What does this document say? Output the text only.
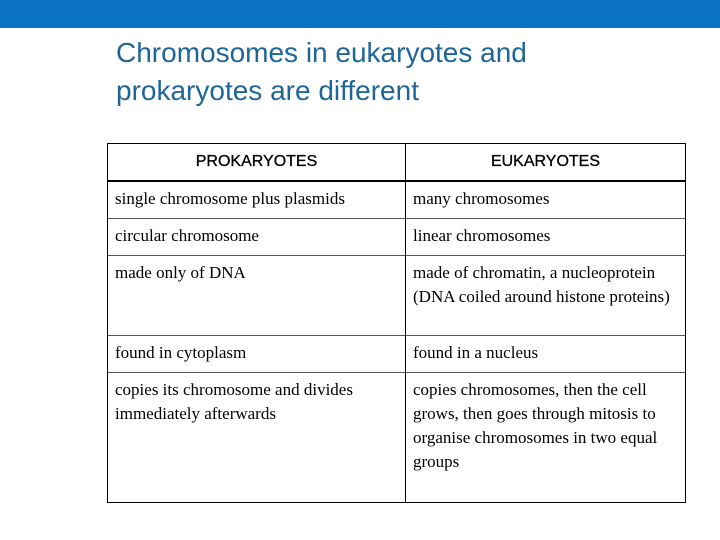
Chromosomes in eukaryotes and prokaryotes are different
PROKARYOTES	EUKARYOTES
single chromosome plus plasmids	many chromosomes
circular chromosome	linear chromosomes
made only of DNA	made of chromatin, a nucleoprotein (DNA coiled around histone proteins)
found in cytoplasm	found in a nucleus
copies its chromosome and divides immediately afterwards	copies chromosomes, then the cell grows, then goes through mitosis to organise chromosomes in two equal groups
